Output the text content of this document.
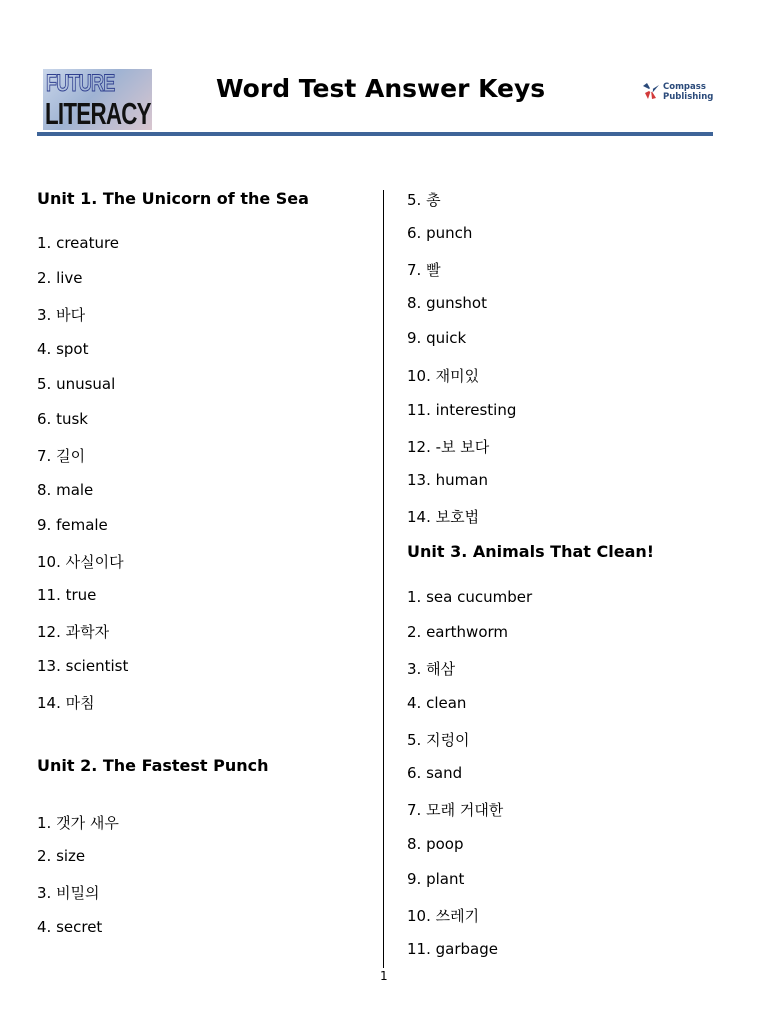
FUTURE
LITERACY
Word Test Answer Keys	Compass
Publishing
Unit 1. The Unicorn of the Sea
1. creature
2. live
3. 바다
4. spot
5. unusual
6. tusk
7. 길이
8. male
9. female
10. 사실이다
11. true
12. 과학자
13. scientist
14. 마침
Unit 2. The Fastest Punch
1. 갯가 새우
2. size
3. 비밀의
4. secret
5. 총
6. punch
7. 빨
8. gunshot
9. quick
10. 재미있
11. interesting
12. -보 보다
13. human
14. 보호법
Unit 3. Animals That Clean!
1. sea cucumber
2. earthworm
3. 해삼
4. clean
5. 지렁이
6. sand
7. 모래 거대한
8. poop
9. plant
10. 쓰레기
11. garbage
1
